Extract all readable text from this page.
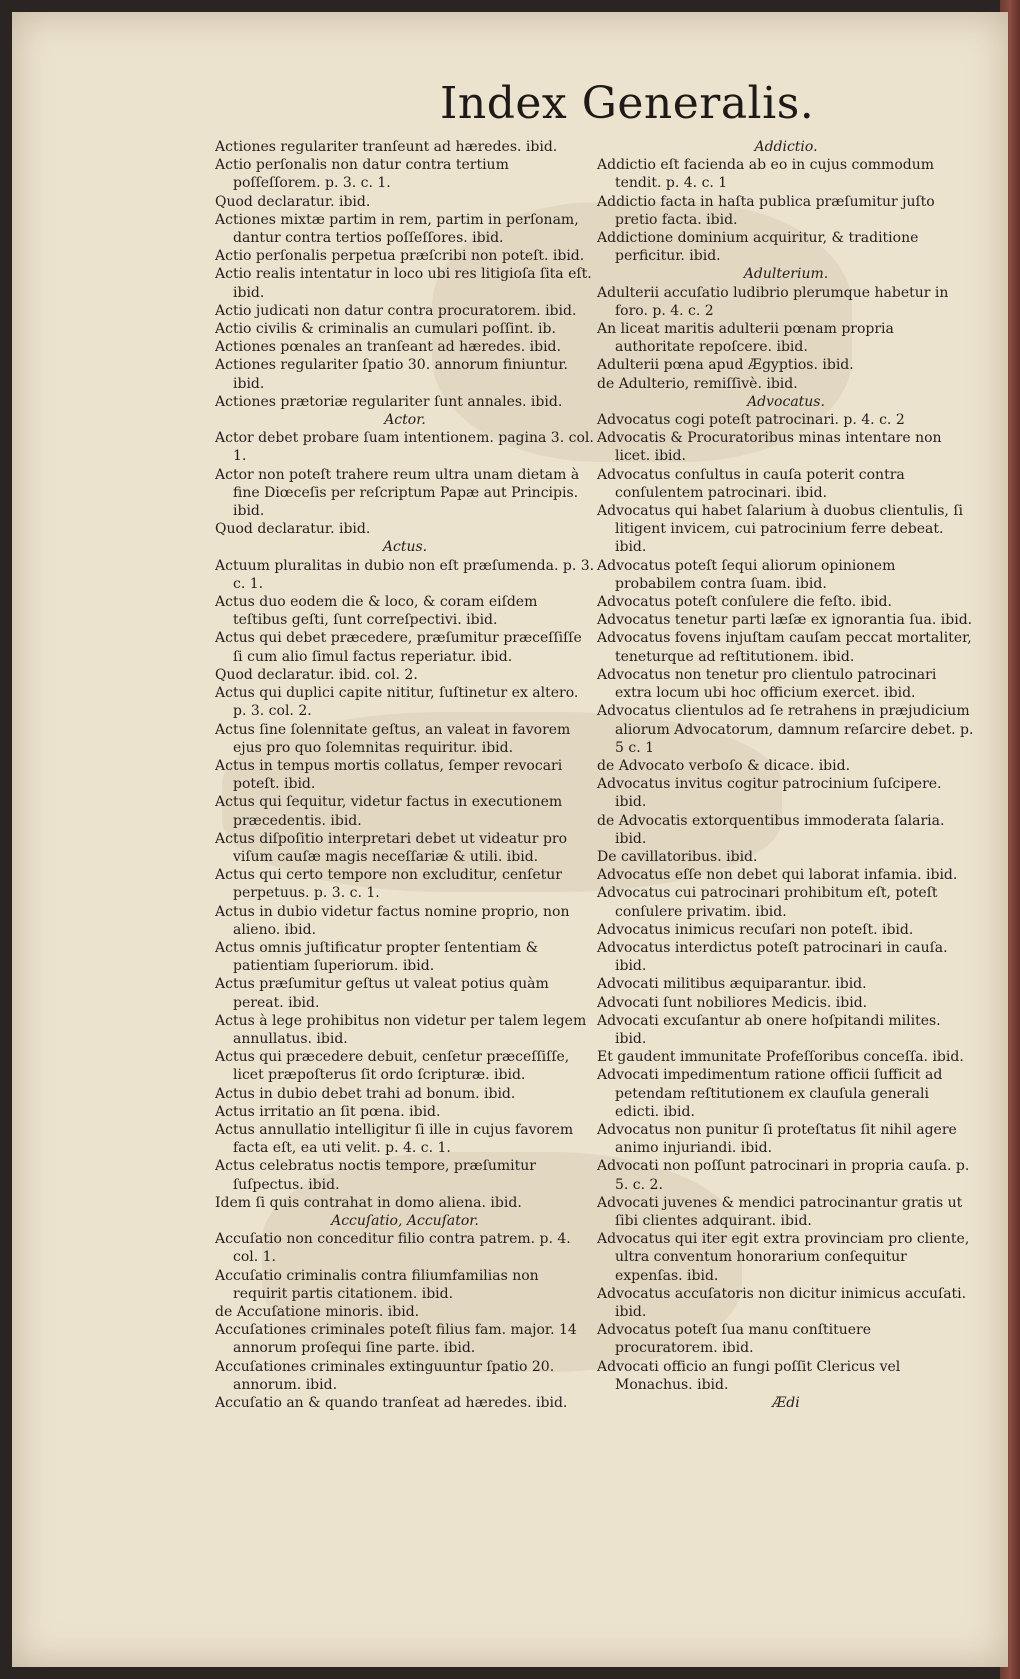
Index Generalis.
Actiones regulariter tranſeunt ad hæredes. ibid.
Actio perſonalis non datur contra tertium poſſeſſorem. p. 3. c. 1.
Quod declaratur. ibid.
Actiones mixtæ partim in rem, partim in perſonam, dantur contra tertios poſſeſſores. ibid.
Actio perſonalis perpetua præſcribi non poteſt. ibid.
Actio realis intentatur in loco ubi res litigioſa ſita eſt. ibid.
Actio judicati non datur contra procuratorem. ibid.
Actio civilis & criminalis an cumulari poſſint. ib.
Actiones pœnales an tranſeant ad hæredes. ibid.
Actiones regulariter ſpatio 30. annorum finiuntur. ibid.
Actiones prætoriæ regulariter ſunt annales. ibid.
Actor.
Actor debet probare ſuam intentionem. pagina 3. col. 1.
Actor non poteſt trahere reum ultra unam dietam à fine Diœceſis per reſcriptum Papæ aut Principis. ibid.
Quod declaratur. ibid.
Actus.
Actuum pluralitas in dubio non eſt præſumenda. p. 3. c. 1.
Actus duo eodem die & loco, & coram eiſdem teſtibus geſti, ſunt correſpectivi. ibid.
Actus qui debet præcedere, præſumitur præceſſiſſe ſi cum alio ſimul factus reperiatur. ibid.
Quod declaratur. ibid. col. 2.
Actus qui duplici capite nititur, ſuſtinetur ex altero. p. 3. col. 2.
Actus ſine ſolennitate geſtus, an valeat in favorem ejus pro quo ſolemnitas requiritur. ibid.
Actus in tempus mortis collatus, ſemper revocari poteſt. ibid.
Actus qui ſequitur, videtur factus in executionem præcedentis. ibid.
Actus diſpoſitio interpretari debet ut videatur pro viſum cauſæ magis neceſſariæ & utili. ibid.
Actus qui certo tempore non excluditur, cenſetur perpetuus. p. 3. c. 1.
Actus in dubio videtur factus nomine proprio, non alieno. ibid.
Actus omnis juſtificatur propter ſententiam & patientiam ſuperiorum. ibid.
Actus præſumitur geſtus ut valeat potius quàm pereat. ibid.
Actus à lege prohibitus non videtur per talem legem annullatus. ibid.
Actus qui præcedere debuit, cenſetur præceſſiſſe, licet præpoſterus ſit ordo ſcripturæ. ibid.
Actus in dubio debet trahi ad bonum. ibid.
Actus irritatio an ſit pœna. ibid.
Actus annullatio intelligitur ſi ille in cujus favorem facta eſt, ea uti velit. p. 4. c. 1.
Actus celebratus noctis tempore, præſumitur ſuſpectus. ibid.
Idem ſi quis contrahat in domo aliena. ibid.
Accuſatio, Accuſator.
Accuſatio non conceditur filio contra patrem. p. 4. col. 1.
Accuſatio criminalis contra filiumfamilias non requirit partis citationem. ibid.
de Accuſatione minoris. ibid.
Accuſationes criminales poteſt filius fam. major. 14 annorum proſequi ſine parte. ibid.
Accuſationes criminales extinguuntur ſpatio 20. annorum. ibid.
Accuſatio an & quando tranſeat ad hæredes. ibid.
Addictio.
Addictio eſt facienda ab eo in cujus commodum tendit. p. 4. c. 1
Addictio facta in haſta publica præſumitur juſto pretio facta. ibid.
Addictione dominium acquiritur, & traditione perficitur. ibid.
Adulterium.
Adulterii accuſatio ludibrio plerumque habetur in foro. p. 4. c. 2
An liceat maritis adulterii pœnam propria authoritate repoſcere. ibid.
Adulterii pœna apud Ægyptios. ibid.
de Adulterio, remiſſivè. ibid.
Advocatus.
Advocatus cogi poteſt patrocinari. p. 4. c. 2
Advocatis & Procuratoribus minas intentare non licet. ibid.
Advocatus conſultus in cauſa poterit contra conſulentem patrocinari. ibid.
Advocatus qui habet ſalarium à duobus clientulis, ſi litigent invicem, cui patrocinium ferre debeat. ibid.
Advocatus poteſt ſequi aliorum opinionem probabilem contra ſuam. ibid.
Advocatus poteſt conſulere die feſto. ibid.
Advocatus tenetur parti læſæ ex ignorantia ſua. ibid.
Advocatus fovens injuſtam cauſam peccat mortaliter, teneturque ad reſtitutionem. ibid.
Advocatus non tenetur pro clientulo patrocinari extra locum ubi hoc officium exercet. ibid.
Advocatus clientulos ad ſe retrahens in præjudicium aliorum Advocatorum, damnum reſarcire debet. p. 5 c. 1
de Advocato verboſo & dicace. ibid.
Advocatus invitus cogitur patrocinium ſuſcipere. ibid.
de Advocatis extorquentibus immoderata ſalaria. ibid.
De cavillatoribus. ibid.
Advocatus eſſe non debet qui laborat infamia. ibid.
Advocatus cui patrocinari prohibitum eſt, poteſt conſulere privatim. ibid.
Advocatus inimicus recuſari non poteſt. ibid.
Advocatus interdictus poteſt patrocinari in cauſa. ibid.
Advocati militibus æquiparantur. ibid.
Advocati ſunt nobiliores Medicis. ibid.
Advocati excuſantur ab onere hoſpitandi milites. ibid.
Et gaudent immunitate Profeſſoribus conceſſa. ibid.
Advocati impedimentum ratione officii ſufficit ad petendam reſtitutionem ex clauſula generali edicti. ibid.
Advocatus non punitur ſi proteſtatus ſit nihil agere animo injuriandi. ibid.
Advocati non poſſunt patrocinari in propria cauſa. p. 5. c. 2.
Advocati juvenes & mendici patrocinantur gratis ut ſibi clientes adquirant. ibid.
Advocatus qui iter egit extra provinciam pro cliente, ultra conventum honorarium conſequitur expenſas. ibid.
Advocatus accuſatoris non dicitur inimicus accuſati. ibid.
Advocatus poteſt ſua manu conſtituere procuratorem. ibid.
Advocati officio an fungi poſſit Clericus vel Monachus. ibid.
Ædi
